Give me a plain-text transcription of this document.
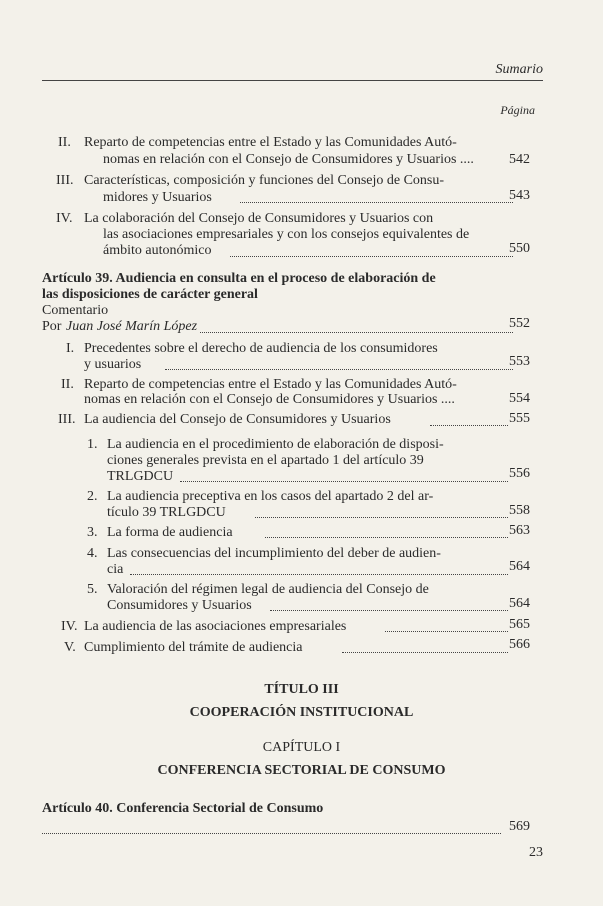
Sumario
Página
II. Reparto de competencias entre el Estado y las Comunidades Autó-
nomas en relación con el Consejo de Consumidores y Usuarios ....	542
III. Características, composición y funciones del Consejo de Consu-
midores y Usuarios	543
IV. La colaboración del Consejo de Consumidores y Usuarios con
las asociaciones empresariales y con los consejos equivalentes de
ámbito autonómico	550
Artículo 39. Audiencia en consulta en el proceso de elaboración de
las disposiciones de carácter general
Comentario
Por Juan José Marín López	552
I. Precedentes sobre el derecho de audiencia de los consumidores
y usuarios	553
II. Reparto de competencias entre el Estado y las Comunidades Autó-
nomas en relación con el Consejo de Consumidores y Usuarios ....	554
III. La audiencia del Consejo de Consumidores y Usuarios	555
1. La audiencia en el procedimiento de elaboración de disposi-
ciones generales prevista en el apartado 1 del artículo 39
TRLGDCU	556
2. La audiencia preceptiva en los casos del apartado 2 del ar-
tículo 39 TRLGDCU	558
3. La forma de audiencia	563
4. Las consecuencias del incumplimiento del deber de audien-
cia	564
5. Valoración del régimen legal de audiencia del Consejo de
Consumidores y Usuarios	564
IV. La audiencia de las asociaciones empresariales	565
V. Cumplimiento del trámite de audiencia	566
TÍTULO III
COOPERACIÓN INSTITUCIONAL
CAPÍTULO I
CONFERENCIA SECTORIAL DE CONSUMO
Artículo 40. Conferencia Sectorial de Consumo
569
23
